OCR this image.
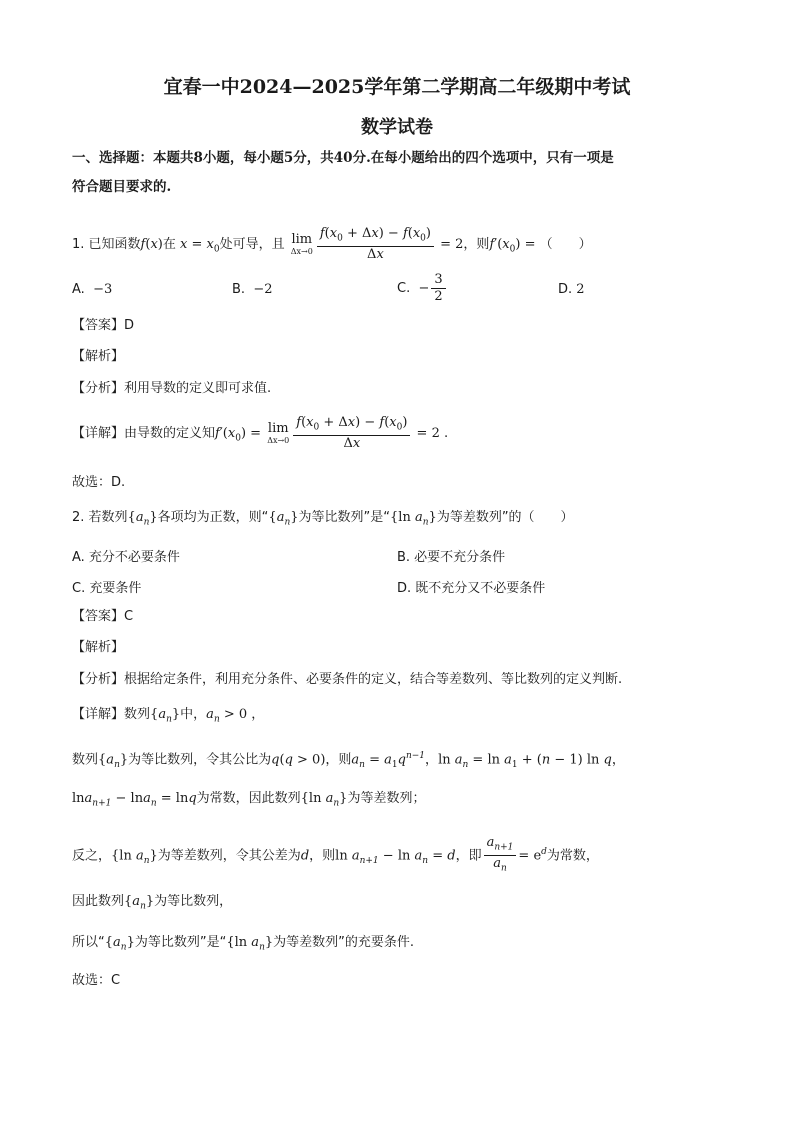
宜春一中2024—2025学年第二学期高二年级期中考试
数学试卷
一、选择题：本题共8小题，每小题5分，共40分.在每小题给出的四个选项中，只有一项是
符合题目要求的.
1. 已知函数f(x)在 $x = x_0$处可导，且 lim
$\Delta x\to 0 \frac{f(x_0 + \Delta x) - f(x_0)}{\Delta x} = 2$，则$f'(x_0)$ = （　　）
A. −3	B. −2	C. − $\frac{3}{2}$	D. 2
【答案】D
【解析】
【分析】利用导数的定义即可求值.
【详解】由导数的定义知$f'(x_0) = \lim$
$\Delta x\to 0 \frac{f(x_0 + \Delta x) - f(x_0)}{\Delta x} = 2$ .
故选：D.
2. 若数列$\{a_n\}$各项均为正数，则“$\{a_n\}$为等比数列”是“{ln $a_n$}为等差数列”的（　　）
A. 充分不必要条件	B. 必要不充分条件
C. 充要条件	D. 既不充分又不必要条件
【答案】C
【解析】
【分析】根据给定条件，利用充分条件、必要条件的定义，结合等差数列、等比数列的定义判断.
【详解】数列$\{a_n\}$中，$a_n > 0$ ，
数列$\{a_n\}$为等比数列，令其公比为q(q > 0)，则$a_n = a_1q^{n-1}$，$\ln a_n = \ln a_1 + (n - 1)$ ln q，
lna$_{n+1}$ − lna$_n$ = lnq为常数，因此数列{ln $a_n$}为等差数列；
反之，{ln $a_n$}为等差数列，令其公差为d，则$\ln a_{n+1} - \ln a_n = d$，即 $\frac{a_{n+1}}{a_n} = e^d$为常数，
因此数列$\{a_n\}$为等比数列，
所以“$\{a_n\}$为等比数列”是“{ln $a_n$}为等差数列”的充要条件.
故选：C
